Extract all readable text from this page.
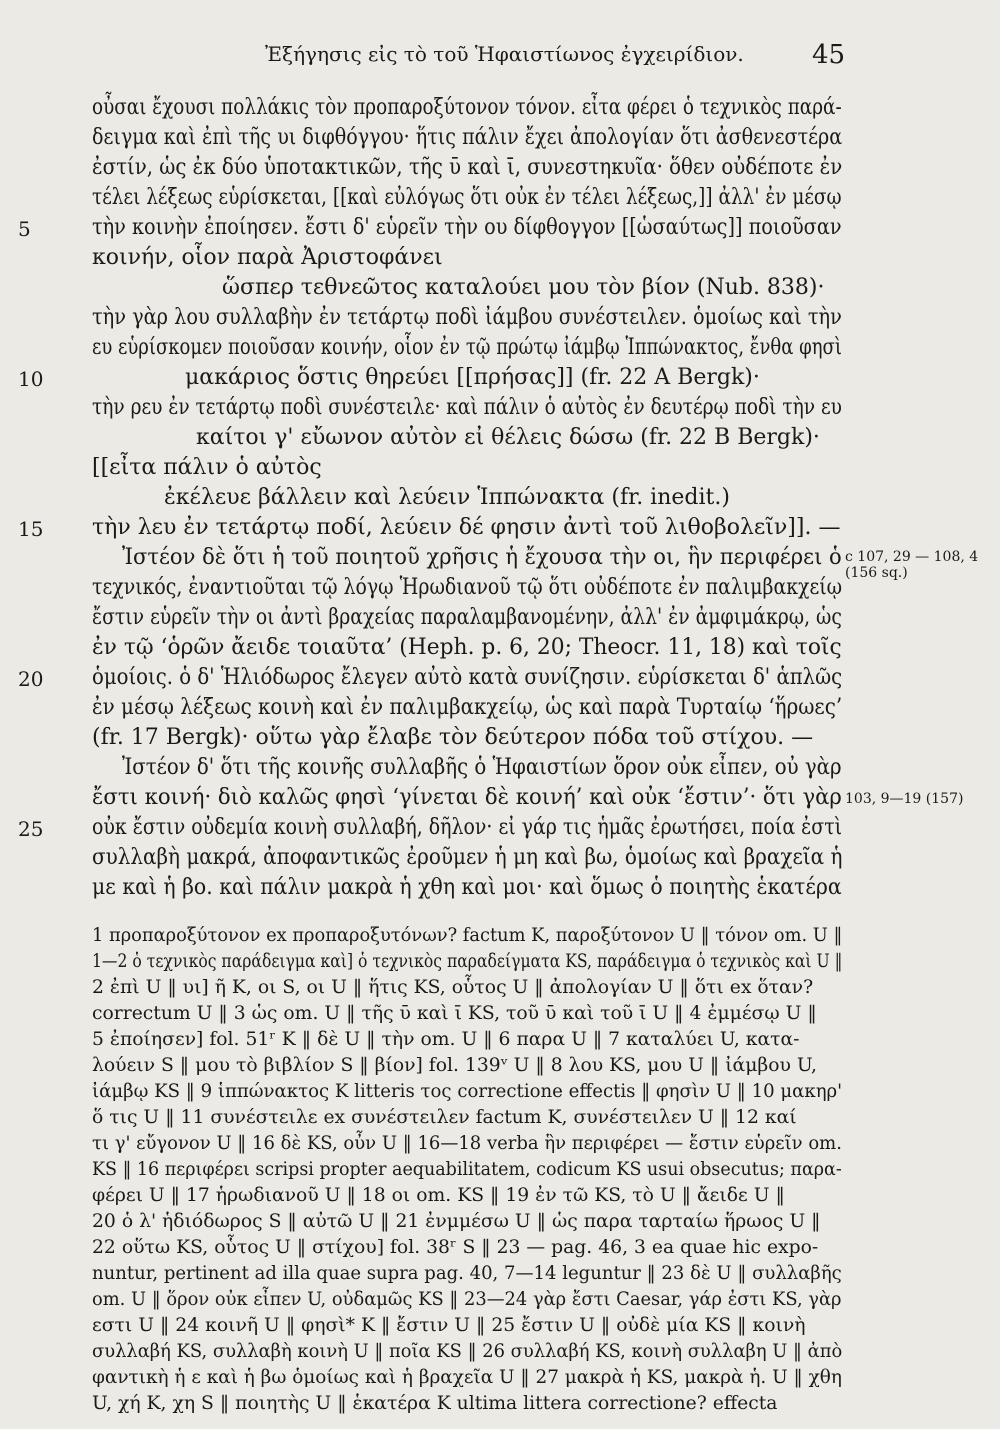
Ἐξήγησις εἰς τὸ τοῦ Ἡφαιστίωνος ἐγχειρίδιον.	45
οὖσαι ἔχουσι πολλάκις τὸν προπαροξύτονον τόνον. εἶτα φέρει ὁ τεχνικὸς παρά-
δειγμα καὶ ἐπὶ τῆς υι διφθόγγου· ἥτις πάλιν ἔχει ἀπολογίαν ὅτι ἀσθενεστέρα
ἐστίν, ὡς ἐκ δύο ὑποτακτικῶν, τῆς ῡ καὶ ῑ, συνεστηκυῖα· ὅθεν οὐδέποτε ἐν
τέλει λέξεως εὑρίσκεται, [[καὶ εὐλόγως ὅτι οὐκ ἐν τέλει λέξεως,]] ἀλλ' ἐν μέσῳ
5	τὴν κοινὴν ἐποίησεν. ἔστι δ' εὑρεῖν τὴν ου δίφθογγον [[ὡσαύτως]] ποιοῦσαν
κοινήν, οἷον παρὰ Ἀριστοφάνει
ὥσπερ τεθνεῶτος καταλούει μου τὸν βίον (Nub. 838)·
τὴν γὰρ λου συλλαβὴν ἐν τετάρτῳ ποδὶ ἰάμβου συνέστειλεν. ὁμοίως καὶ τὴν
ευ εὑρίσκομεν ποιοῦσαν κοινήν, οἷον ἐν τῷ πρώτῳ ἰάμβῳ Ἱππώνακτος, ἔνθα φησὶ
10	μακάριος ὅστις θηρεύει [[πρήσας]] (fr. 22 A Bergk)·
τὴν ρευ ἐν τετάρτῳ ποδὶ συνέστειλε· καὶ πάλιν ὁ αὐτὸς ἐν δευτέρῳ ποδὶ τὴν ευ
καίτοι γ' εὔωνον αὐτὸν εἰ θέλεις δώσω (fr. 22 B Bergk)·
[[εἶτα πάλιν ὁ αὐτὸς
ἐκέλευε βάλλειν καὶ λεύειν Ἱππώνακτα (fr. inedit.)
15	τὴν λευ ἐν τετάρτῳ ποδί, λεύειν δέ φησιν ἀντὶ τοῦ λιθοβολεῖν]]. —
Ἰστέον δὲ ὅτι ἡ τοῦ ποιητοῦ χρῆσις ἡ ἔχουσα τὴν οι, ἣν περιφέρει ὁ
τεχνικός, ἐναντιοῦται τῷ λόγῳ Ἡρωδιανοῦ τῷ ὅτι οὐδέποτε ἐν παλιμβακχείῳ
ἔστιν εὑρεῖν τὴν οι ἀντὶ βραχείας παραλαμβανομένην, ἀλλ' ἐν ἀμφιμάκρῳ, ὡς
ἐν τῷ ‘ὁρῶν ἄειδε τοιαῦτα’ (Heph. p. 6, 20; Theocr. 11, 18) καὶ τοῖς
20	ὁμοίοις. ὁ δ' Ἡλιόδωρος ἔλεγεν αὐτὸ κατὰ συνίζησιν. εὑρίσκεται δ' ἁπλῶς
ἐν μέσῳ λέξεως κοινὴ καὶ ἐν παλιμβακχείῳ, ὡς καὶ παρὰ Τυρταίῳ ‘ἥρωες’
(fr. 17 Bergk)· οὕτω γὰρ ἔλαβε τὸν δεύτερον πόδα τοῦ στίχου. —
Ἰστέον δ' ὅτι τῆς κοινῆς συλλαβῆς ὁ Ἡφαιστίων ὅρον οὐκ εἶπεν, οὐ γὰρ
ἔστι κοινή· διὸ καλῶς φησὶ ‘γίνεται δὲ κοινή’ καὶ οὐκ ‘ἔστιν’· ὅτι γὰρ
25	οὐκ ἔστιν οὐδεμία κοινὴ συλλαβή, δῆλον· εἰ γάρ τις ἡμᾶς ἐρωτήσει, ποία ἐστὶ
συλλαβὴ μακρά, ἀποφαντικῶς ἐροῦμεν ἡ μη καὶ βω, ὁμοίως καὶ βραχεῖα ἡ
με καὶ ἡ βο. καὶ πάλιν μακρὰ ἡ χθη καὶ μοι· καὶ ὅμως ὁ ποιητὴς ἑκατέρα
c 107, 29 — 108, 4
(156 sq.)
103, 9—19 (157)
1 προπαροξύτονον ex προπαροξυτόνων? factum K, παροξύτονον U ‖ τόνον om. U ‖
1—2 ὁ τεχνικὸς παράδειγμα καὶ] ὁ τεχνικὸς παραδείγματα KS, παράδειγμα ὁ τεχνικὸς καὶ U ‖
2 ἐπὶ U ‖ υι] ῆ K, οι S, οι U ‖ ἥτις KS, οὗτος U ‖ ἀπολογίαν U ‖ ὅτι ex ὅταν?
correctum U ‖ 3 ὡς om. U ‖ τῆς ῡ καὶ ῑ KS, τοῦ ῡ καὶ τοῦ ῑ U ‖ 4 ἐμμέσῳ U ‖
5 ἐποίησεν] fol. 51ʳ K ‖ δὲ U ‖ τὴν om. U ‖ 6 παρα U ‖ 7 καταλύει U, κατα-
λούειν S ‖ μου τὸ βιβλίον S ‖ βίον] fol. 139ᵛ U ‖ 8 λου KS, μου U ‖ ἰάμβου U,
ἰάμβῳ KS ‖ 9 ἱππώνακτος K litteris τος correctione effectis ‖ φησὶν U ‖ 10 μακηρ'
ὅ τις U ‖ 11 συνέστειλε ex συνέστειλεν factum K, συνέστειλεν U ‖ 12 καί
τι γ' εὔγονον U ‖ 16 δὲ KS, οὖν U ‖ 16—18 verba ἣν περιφέρει — ἔστιν εὑρεῖν om.
KS ‖ 16 περιφέρει scripsi propter aequabilitatem, codicum KS usui obsecutus; παρα-
φέρει U ‖ 17 ἡρωδιανοῦ U ‖ 18 οι om. KS ‖ 19 ἐν τῶ KS, τὸ U ‖ ἄειδε U ‖
20 ὁ λ' ἡδιόδωρος S ‖ αὐτῶ U ‖ 21 ἐνμμέσω U ‖ ὡς παρα ταρταίω ἥρωος U ‖
22 οὕτω KS, οὗτος U ‖ στίχου] fol. 38ʳ S ‖ 23 — pag. 46, 3 ea quae hic expo-
nuntur, pertinent ad illa quae supra pag. 40, 7—14 leguntur ‖ 23 δὲ U ‖ συλλαβῆς
om. U ‖ ὅρον οὐκ εἶπεν U, οὐδαμῶς KS ‖ 23—24 γὰρ ἔστι Caesar, γάρ ἐστι KS, γὰρ
εστι U ‖ 24 κοινῆ U ‖ φησὶ* K ‖ ἔστιν U ‖ 25 ἔστιν U ‖ οὐδὲ μία KS ‖ κοινὴ
συλλαβή KS, συλλαβὴ κοινὴ U ‖ ποῖα KS ‖ 26 συλλαβή KS, κοινὴ συλλαβη U ‖ ἀπὸ
φαντικὴ ἡ ε καὶ ἡ βω ὁμοίως καὶ ἡ βραχεῖα U ‖ 27 μακρὰ ἡ KS, μακρὰ ἡ. U ‖ χθη
U, χή K, χη S ‖ ποιητὴς U ‖ ἑκατέρα K ultima littera correctione? effecta
